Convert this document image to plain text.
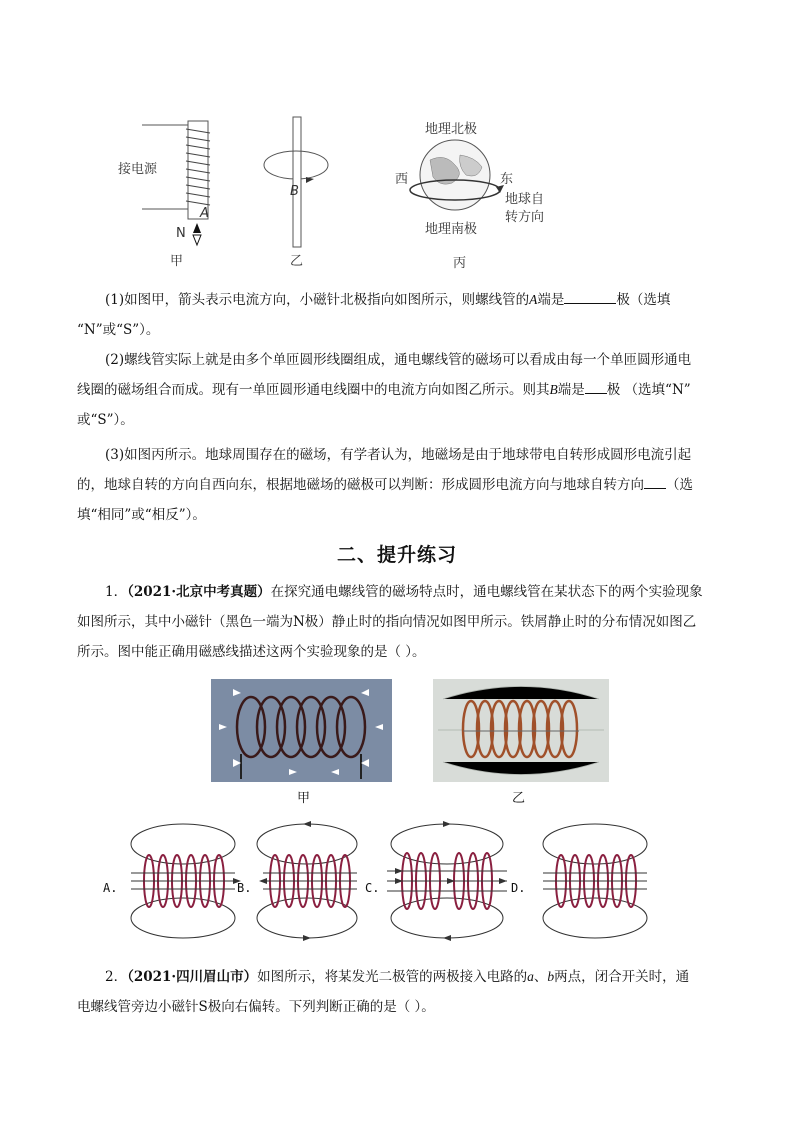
接电源
A
N
甲
B
乙
地理北极
西	东
地球自
转方向
地理南极
丙
(1)如图甲，箭头表示电流方向，小磁针北极指向如图所示，则螺线管的A端是	极（选填
“N”或“S”）。
(2)螺线管实际上就是由多个单匝圆形线圈组成，通电螺线管的磁场可以看成由每一个单匝圆形通电
线圈的磁场组合而成。现有一单匝圆形通电线圈中的电流方向如图乙所示。则其B端是 极 （选填“N”
或“S”）。
(3)如图丙所示。地球周围存在的磁场，有学者认为，地磁场是由于地球带电自转形成圆形电流引起
的，地球自转的方向自西向东，根据地磁场的磁极可以判断：形成圆形电流方向与地球自转方向 （选
填“相同”或“相反”）。
二、提升练习
1．（2021·北京中考真题）在探究通电螺线管的磁场特点时，通电螺线管在某状态下的两个实验现象
如图所示，其中小磁针（黑色一端为N极）静止时的指向情况如图甲所示。铁屑静止时的分布情况如图乙
所示。图中能正确用磁感线描述这两个实验现象的是（ ）。
甲	乙
A.	B.	C.	D.
2．（2021·四川眉山市）如图所示，将某发光二极管的两极接入电路的a、b两点，闭合开关时，通
电螺线管旁边小磁针S极向右偏转。下列判断正确的是（ ）。
